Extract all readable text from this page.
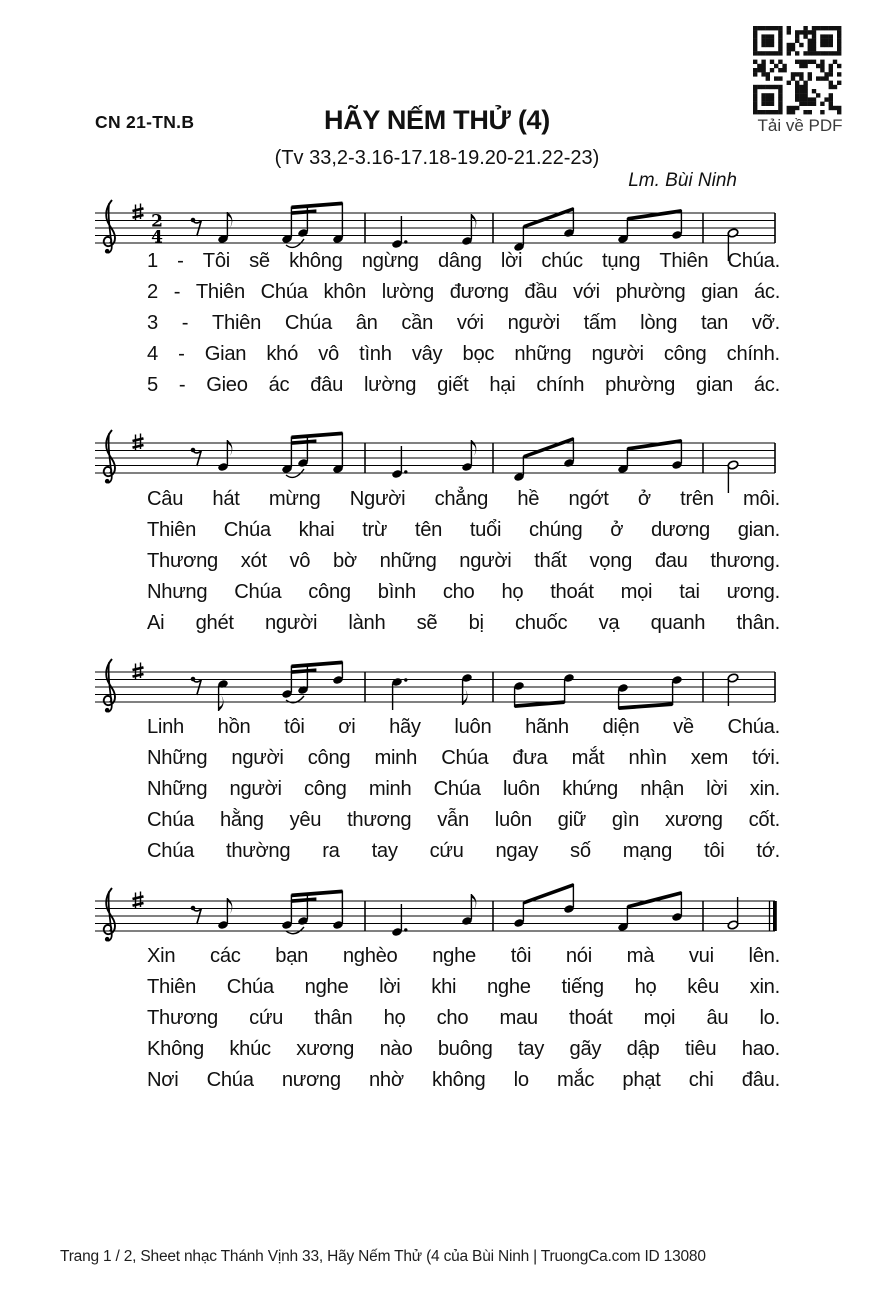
CN 21-TN.B	HÃY NẾM THỬ (4)
(Tv 33,2-3.16-17.18-19.20-21.22-23)
Lm. Bùi Ninh
Tải về PDF
2
4
1 - Tôi sẽ không ngừng dâng lời chúc tụng Thiên Chúa.
2 - Thiên Chúa khôn lường đương đầu với phường gian ác.
3 - Thiên Chúa ân cần với người tấm lòng tan vỡ.
4 - Gian khó vô tình vây bọc những người công chính.
5 - Gieo ác đâu lường giết hại chính phường gian ác.
Câu hát mừng Người chẳng hề ngớt ở trên môi.
Thiên Chúa khai trừ tên tuổi chúng ở dương gian.
Thương xót vô bờ những người thất vọng đau thương.
Nhưng Chúa công bình cho họ thoát mọi tai ương.
Ai ghét người lành sẽ bị chuốc vạ quanh thân.
Linh hồn tôi ơi hãy luôn hãnh diện về Chúa.
Những người công minh Chúa đưa mắt nhìn xem tới.
Những người công minh Chúa luôn khứng nhận lời xin.
Chúa hằng yêu thương vẫn luôn giữ gìn xương cốt.
Chúa thường ra tay cứu ngay số mạng tôi tớ.
Xin các bạn nghèo nghe tôi nói mà vui lên.
Thiên Chúa nghe lời khi nghe tiếng họ kêu xin.
Thương cứu thân họ cho mau thoát mọi âu lo.
Không khúc xương nào buông tay gãy dập tiêu hao.
Nơi Chúa nương nhờ không lo mắc phạt chi đâu.
Trang 1 / 2, Sheet nhạc Thánh Vịnh 33, Hãy Nếm Thử (4 của Bùi Ninh | TruongCa.com ID 13080
